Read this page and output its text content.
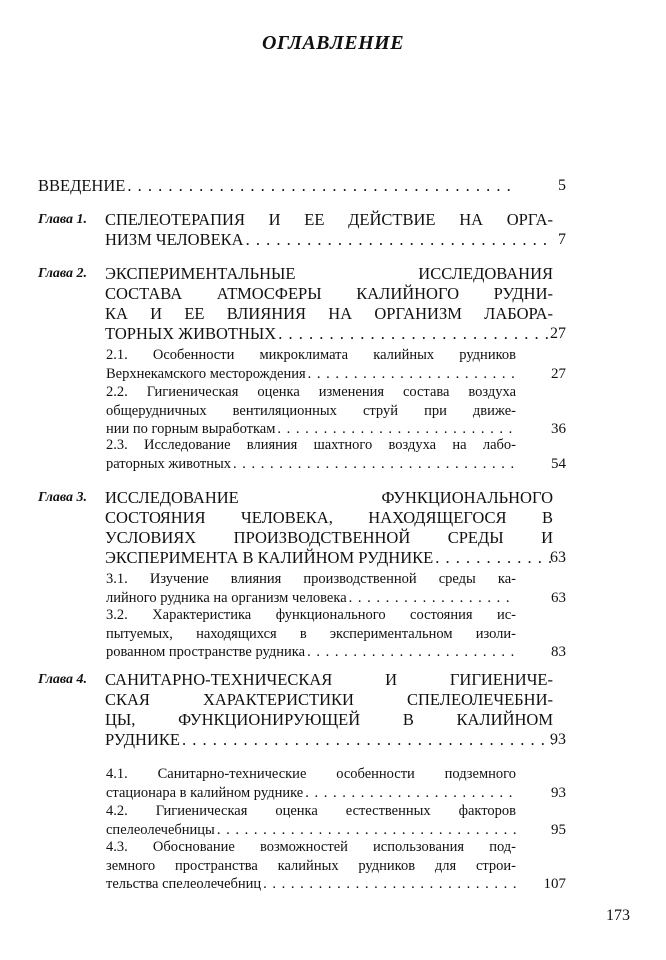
ОГЛАВЛЕНИЕ
ВВЕДЕНИЕ . . .	5
Глава 1.	СПЕЛЕОТЕРАПИЯ И ЕЕ ДЕЙСТВИЕ НА ОРГА-
НИЗМ ЧЕЛОВЕКА . . .	7
Глава 2.	ЭКСПЕРИМЕНТАЛЬНЫЕ ИССЛЕДОВАНИЯ
СОСТАВА АТМОСФЕРЫ КАЛИЙНОГО РУДНИ-
КА И ЕЕ ВЛИЯНИЯ НА ОРГАНИЗМ ЛАБОРА-
ТОРНЫХ ЖИВОТНЫХ . . .	27
2.1. Особенности микроклимата калийных рудников
Верхнекамского месторождения . . .	27
2.2. Гигиеническая оценка изменения состава воздуха
общерудничных вентиляционных струй при движе-
нии по горным выработкам . . .	36
2.3. Исследование влияния шахтного воздуха на лабо-
раторных животных . . .	54
Глава 3.	ИССЛЕДОВАНИЕ ФУНКЦИОНАЛЬНОГО
СОСТОЯНИЯ ЧЕЛОВЕКА, НАХОДЯЩЕГОСЯ В
УСЛОВИЯХ ПРОИЗВОДСТВЕННОЙ СРЕДЫ И
ЭКСПЕРИМЕНТА В КАЛИЙНОМ РУДНИКЕ . . .	63
3.1. Изучение влияния производственной среды ка-
лийного рудника на организм человека . . .	63
3.2. Характеристика функционального состояния ис-
пытуемых, находящихся в экспериментальном изоли-
рованном пространстве рудника . . .	83
Глава 4.	САНИТАРНО-ТЕХНИЧЕСКАЯ И ГИГИЕНИЧЕ-
СКАЯ ХАРАКТЕРИСТИКИ СПЕЛЕОЛЕЧЕБНИ-
ЦЫ, ФУНКЦИОНИРУЮЩЕЙ В КАЛИЙНОМ
РУДНИКЕ . . .	93
4.1. Санитарно-технические особенности подземного
стационара в калийном руднике . . .	93
4.2. Гигиеническая оценка естественных факторов
спелеолечебницы . . .	95
4.3. Обоснование возможностей использования под-
земного пространства калийных рудников для строи-
тельства спелеолечебниц . . .	107
173
